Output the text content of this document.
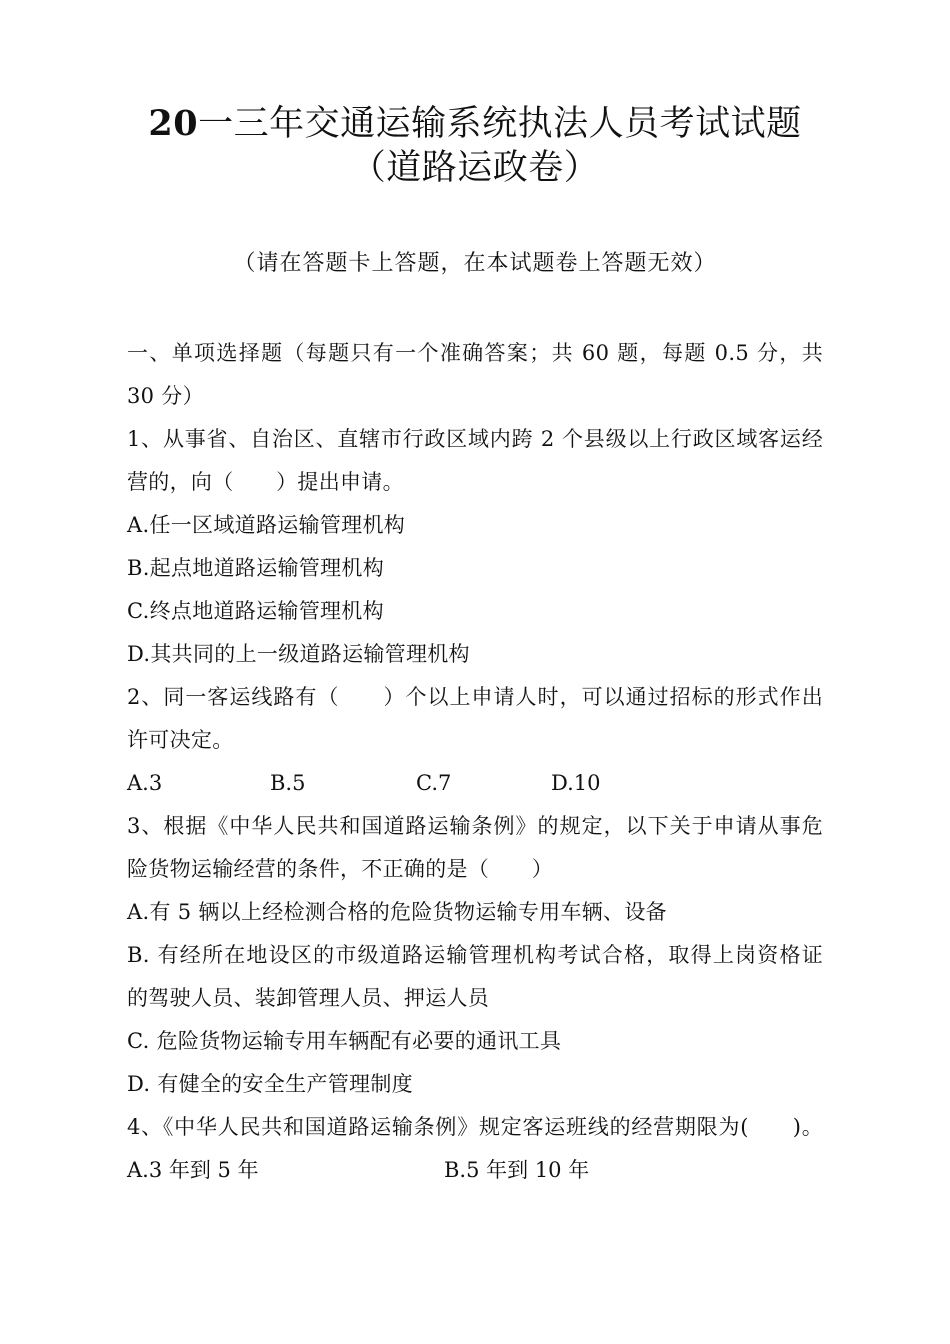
20一三年交通运输系统执法人员考试试题
（道路运政卷）
（请在答题卡上答题，在本试题卷上答题无效）
一、单项选择题（每题只有一个准确答案；共 60 题，每题 0.5 分，共
30 分）
1、从事省、自治区、直辖市行政区域内跨 2 个县级以上行政区域客运经
营的，向（　　）提出申请。
A.任一区域道路运输管理机构
B.起点地道路运输管理机构
C.终点地道路运输管理机构
D.其共同的上一级道路运输管理机构
2、同一客运线路有（　　）个以上申请人时，可以通过招标的形式作出
许可决定。
A.3	B.5	C.7	D.10
3、根据《中华人民共和国道路运输条例》的规定，以下关于申请从事危
险货物运输经营的条件，不正确的是（　　）
A.有 5 辆以上经检测合格的危险货物运输专用车辆、设备
B. 有经所在地设区的市级道路运输管理机构考试合格，取得上岗资格证
的驾驶人员、装卸管理人员、押运人员
C. 危险货物运输专用车辆配有必要的通讯工具
D. 有健全的安全生产管理制度
4、《中华人民共和国道路运输条例》规定客运班线的经营期限为(　　)。
A.3 年到 5 年	B.5 年到 10 年
